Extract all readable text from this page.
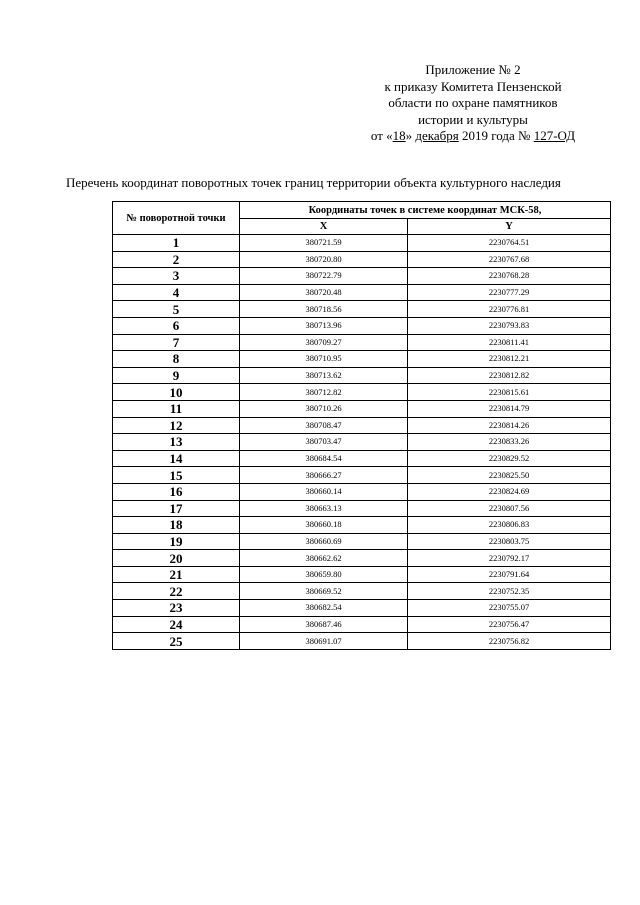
Приложение № 2
к приказу Комитета Пензенской
области по охране памятников
истории и культуры
от «18» декабря 2019 года № 127-ОД
Перечень координат поворотных точек границ территории объекта культурного наследия
№ поворотной точки	Координаты точек в системе координат МСК-58,	
	X	Y
1	380721.59	2230764.51
2	380720.80	2230767.68
3	380722.79	2230768.28
4	380720.48	2230777.29
5	380718.56	2230776.81
6	380713.96	2230793.83
7	380709.27	2230811.41
8	380710.95	2230812.21
9	380713.62	2230812.82
10	380712.82	2230815.61
11	380710.26	2230814.79
12	380708.47	2230814.26
13	380703.47	2230833.26
14	380684.54	2230829.52
15	380666.27	2230825.50
16	380660.14	2230824.69
17	380663.13	2230807.56
18	380660.18	2230806.83
19	380660.69	2230803.75
20	380662.62	2230792.17
21	380659.80	2230791.64
22	380669.52	2230752.35
23	380682.54	2230755.07
24	380687.46	2230756.47
25	380691.07	2230756.82
